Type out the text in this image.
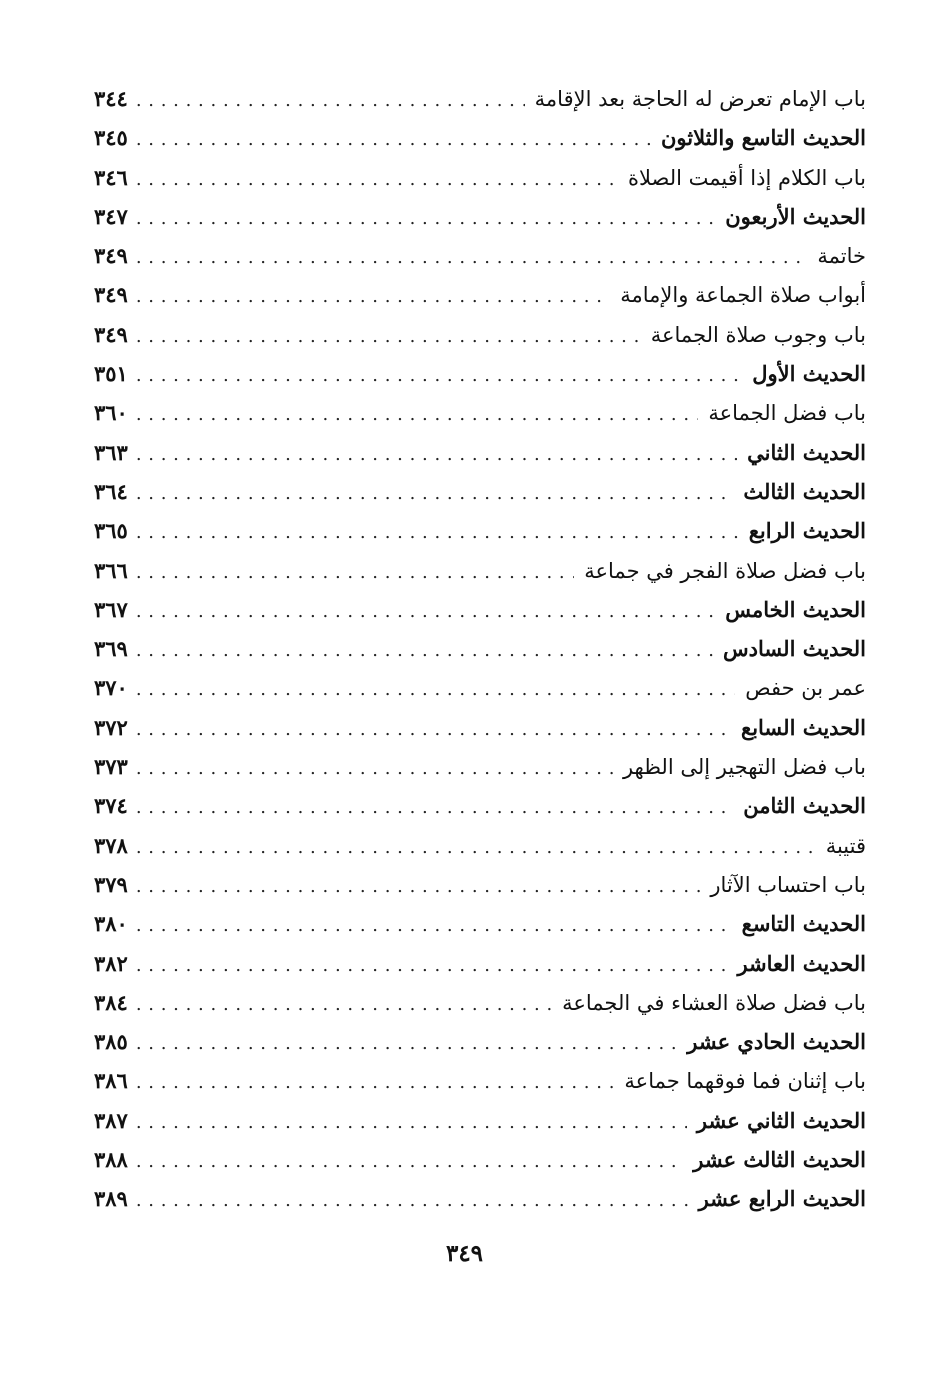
باب الإمام تعرض له الحاجة بعد الإقامة
. . .
٣٤٤
الحديث التاسع والثلاثون
. . .
٣٤٥
باب الكلام إذا أقيمت الصلاة
. . .
٣٤٦
الحديث الأربعون
. . .
٣٤٧
خاتمة
. . .
٣٤٩
أبواب صلاة الجماعة والإمامة
. . .
٣٤٩
باب وجوب صلاة الجماعة
. . .
٣٤٩
الحديث الأول
. . .
٣٥١
باب فضل الجماعة
. . .
٣٦٠
الحديث الثاني
. . .
٣٦٣
الحديث الثالث
. . .
٣٦٤
الحديث الرابع
. . .
٣٦٥
باب فضل صلاة الفجر في جماعة
. . .
٣٦٦
الحديث الخامس
. . .
٣٦٧
الحديث السادس
. . .
٣٦٩
عمر بن حفص
. . .
٣٧٠
الحديث السابع
. . .
٣٧٢
باب فضل التهجير إلى الظهر
. . .
٣٧٣
الحديث الثامن
. . .
٣٧٤
قتيبة
. . .
٣٧٨
باب احتساب الآثار
. . .
٣٧٩
الحديث التاسع
. . .
٣٨٠
الحديث العاشر
. . .
٣٨٢
باب فضل صلاة العشاء في الجماعة
. . .
٣٨٤
الحديث الحادي عشر
. . .
٣٨٥
باب إثنان فما فوقهما جماعة
. . .
٣٨٦
الحديث الثاني عشر
. . .
٣٨٧
الحديث الثالث عشر
. . .
٣٨٨
الحديث الرابع عشر
. . .
٣٨٩
٣٤٩
